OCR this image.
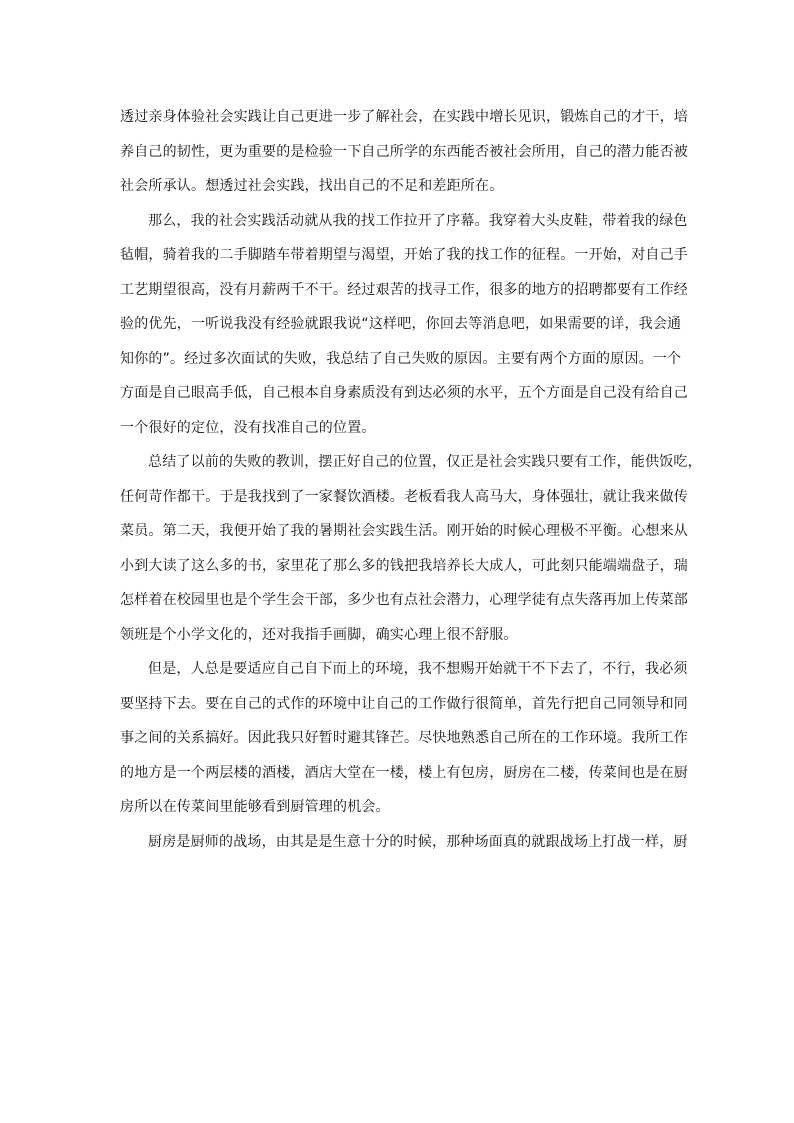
透过亲身体验社会实践让自己更进一步了解社会，在实践中增长见识，锻炼自己的才干，培
养自己的韧性，更为重要的是检验一下自己所学的东西能否被社会所用，自己的潜力能否被
社会所承认。想透过社会实践，找出自己的不足和差距所在。
那么，我的社会实践活动就从我的找工作拉开了序幕。我穿着大头皮鞋，带着我的绿色
毡帽，骑着我的二手脚踏车带着期望与渴望，开始了我的找工作的征程。一开始，对自己手
工艺期望很高，没有月薪两千不干。经过艰苦的找寻工作，很多的地方的招聘都要有工作经
验的优先，一听说我没有经验就跟我说“这样吧，你回去等消息吧，如果需要的详，我会通
知你的”。经过多次面试的失败，我总结了自己失败的原因。主要有两个方面的原因。一个
方面是自己眼高手低，自己根本自身素质没有到达必须的水平，五个方面是自己没有给自己
一个很好的定位，没有找准自己的位置。
总结了以前的失败的教训，摆正好自己的位置，仅正是社会实践只要有工作，能供饭吃，
任何苛作都干。于是我找到了一家餐饮酒楼。老板看我人高马大，身体强壮，就让我来做传
菜员。第二天，我便开始了我的暑期社会实践生活。刚开始的时候心理极不平衡。心想来从
小到大读了这么多的书，家里花了那么多的钱把我培养长大成人，可此刻只能端端盘子，瑞
怎样着在校园里也是个学生会干部，多少也有点社会潜力，心理学徒有点失落再加上传菜部
领班是个小学文化的，还对我指手画脚，确实心理上很不舒服。
但是，人总是要适应自己自下而上的环境，我不想赐开始就干不下去了，不行，我必须
要坚持下去。要在自己的式作的环境中让自己的工作做行很简单，首先行把自己同领导和同
事之间的关系搞好。因此我只好暂时避其锋芒。尽快地熟悉自己所在的工作环境。我所工作
的地方是一个两层楼的酒楼，酒店大堂在一楼，楼上有包房，厨房在二楼，传菜间也是在厨
房所以在传菜间里能够看到厨管理的机会。
厨房是厨师的战场，由其是是生意十分的时候，那种场面真的就跟战场上打战一样，厨
